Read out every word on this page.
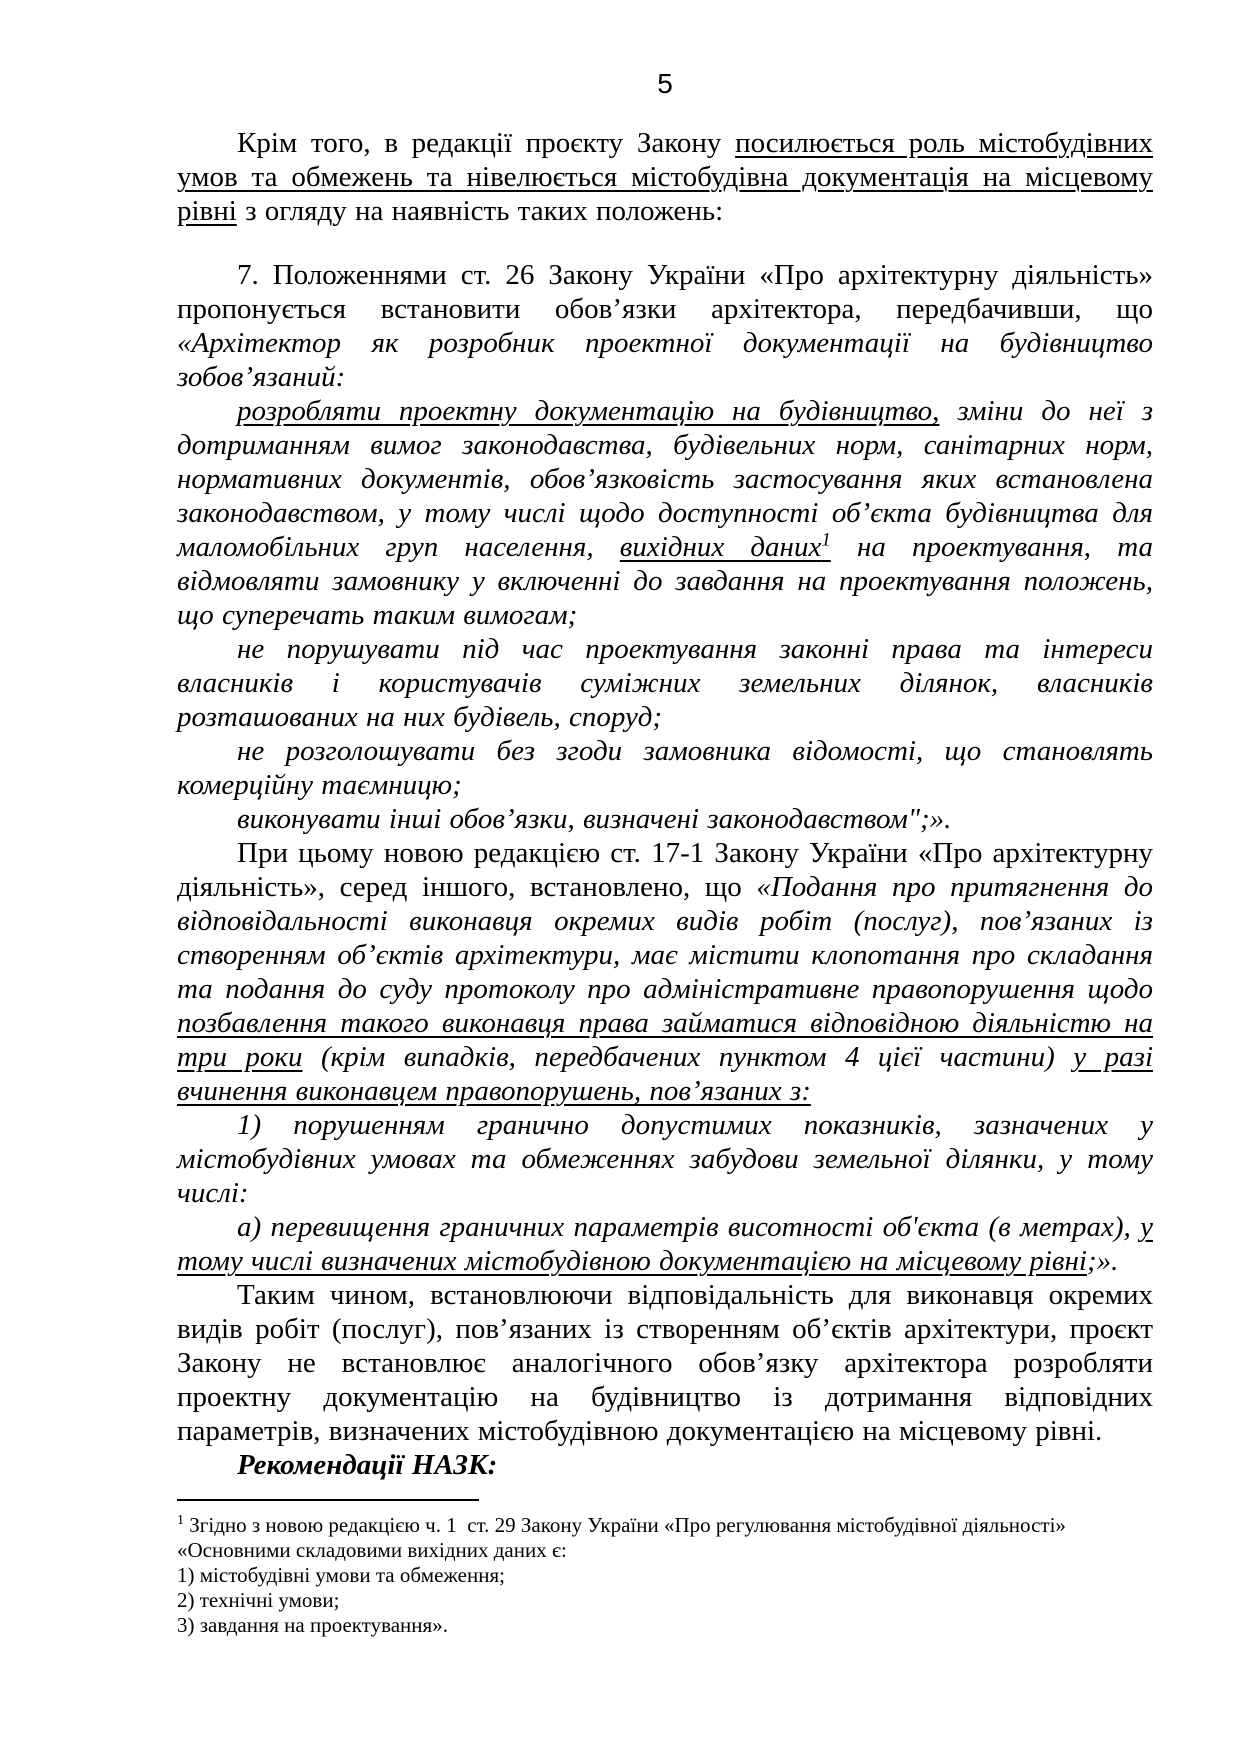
5

Крім того, в редакції проєкту Закону посилюється роль містобудівних умов та обмежень та нівелюється містобудівна документація на місцевому рівні з огляду на наявність таких положень:

7. Положеннями ст. 26 Закону України «Про архітектурну діяльність» пропонується встановити обов’язки архітектора, передбачивши, що «Архітектор як розробник проектної документації на будівництво зобов’язаний:

розробляти проектну документацію на будівництво, зміни до неї з дотриманням вимог законодавства, будівельних норм, санітарних норм, нормативних документів, обов’язковість застосування яких встановлена законодавством, у тому числі щодо доступності об’єкта будівництва для маломобільних груп населення, вихідних даних$^1$ на проектування, та відмовляти замовнику у включенні до завдання на проектування положень, що суперечать таким вимогам;

не порушувати під час проектування законні права та інтереси власників і користувачів суміжних земельних ділянок, власників розташованих на них будівель, споруд;

не розголошувати без згоди замовника відомості, що становлять комерційну таємницю;

виконувати інші обов’язки, визначені законодавством";».

При цьому новою редакцією ст. 17-1 Закону України «Про архітектурну діяльність», серед іншого, встановлено, що «Подання про притягнення до відповідальності виконавця окремих видів робіт (послуг), пов’язаних із створенням об’єктів архітектури, має містити клопотання про складання та подання до суду протоколу про адміністративне правопорушення щодо позбавлення такого виконавця права займатися відповідною діяльністю на три роки (крім випадків, передбачених пунктом 4 цієї частини) у разі вчинення виконавцем правопорушень, пов’язаних з:

1) порушенням гранично допустимих показників, зазначених у містобудівних умовах та обмеженнях забудови земельної ділянки, у тому числі:

а) перевищення граничних параметрів висотності об'єкта (в метрах), у тому числі визначених містобудівною документацією на місцевому рівні;».

Таким чином, встановлюючи відповідальність для виконавця окремих видів робіт (послуг), пов’язаних із створенням об’єктів архітектури, проєкт Закону не встановлює аналогічного обов’язку архітектора розробляти проектну документацію на будівництво із дотримання відповідних параметрів, визначених містобудівною документацією на місцевому рівні.

Рекомендації НАЗК:

$^1$ Згідно з новою редакцією ч. 1  ст. 29 Закону України «Про регулювання містобудівної діяльності»
«Основними складовими вихідних даних є:
1) містобудівні умови та обмеження;
2) технічні умови;
3) завдання на проектування».
